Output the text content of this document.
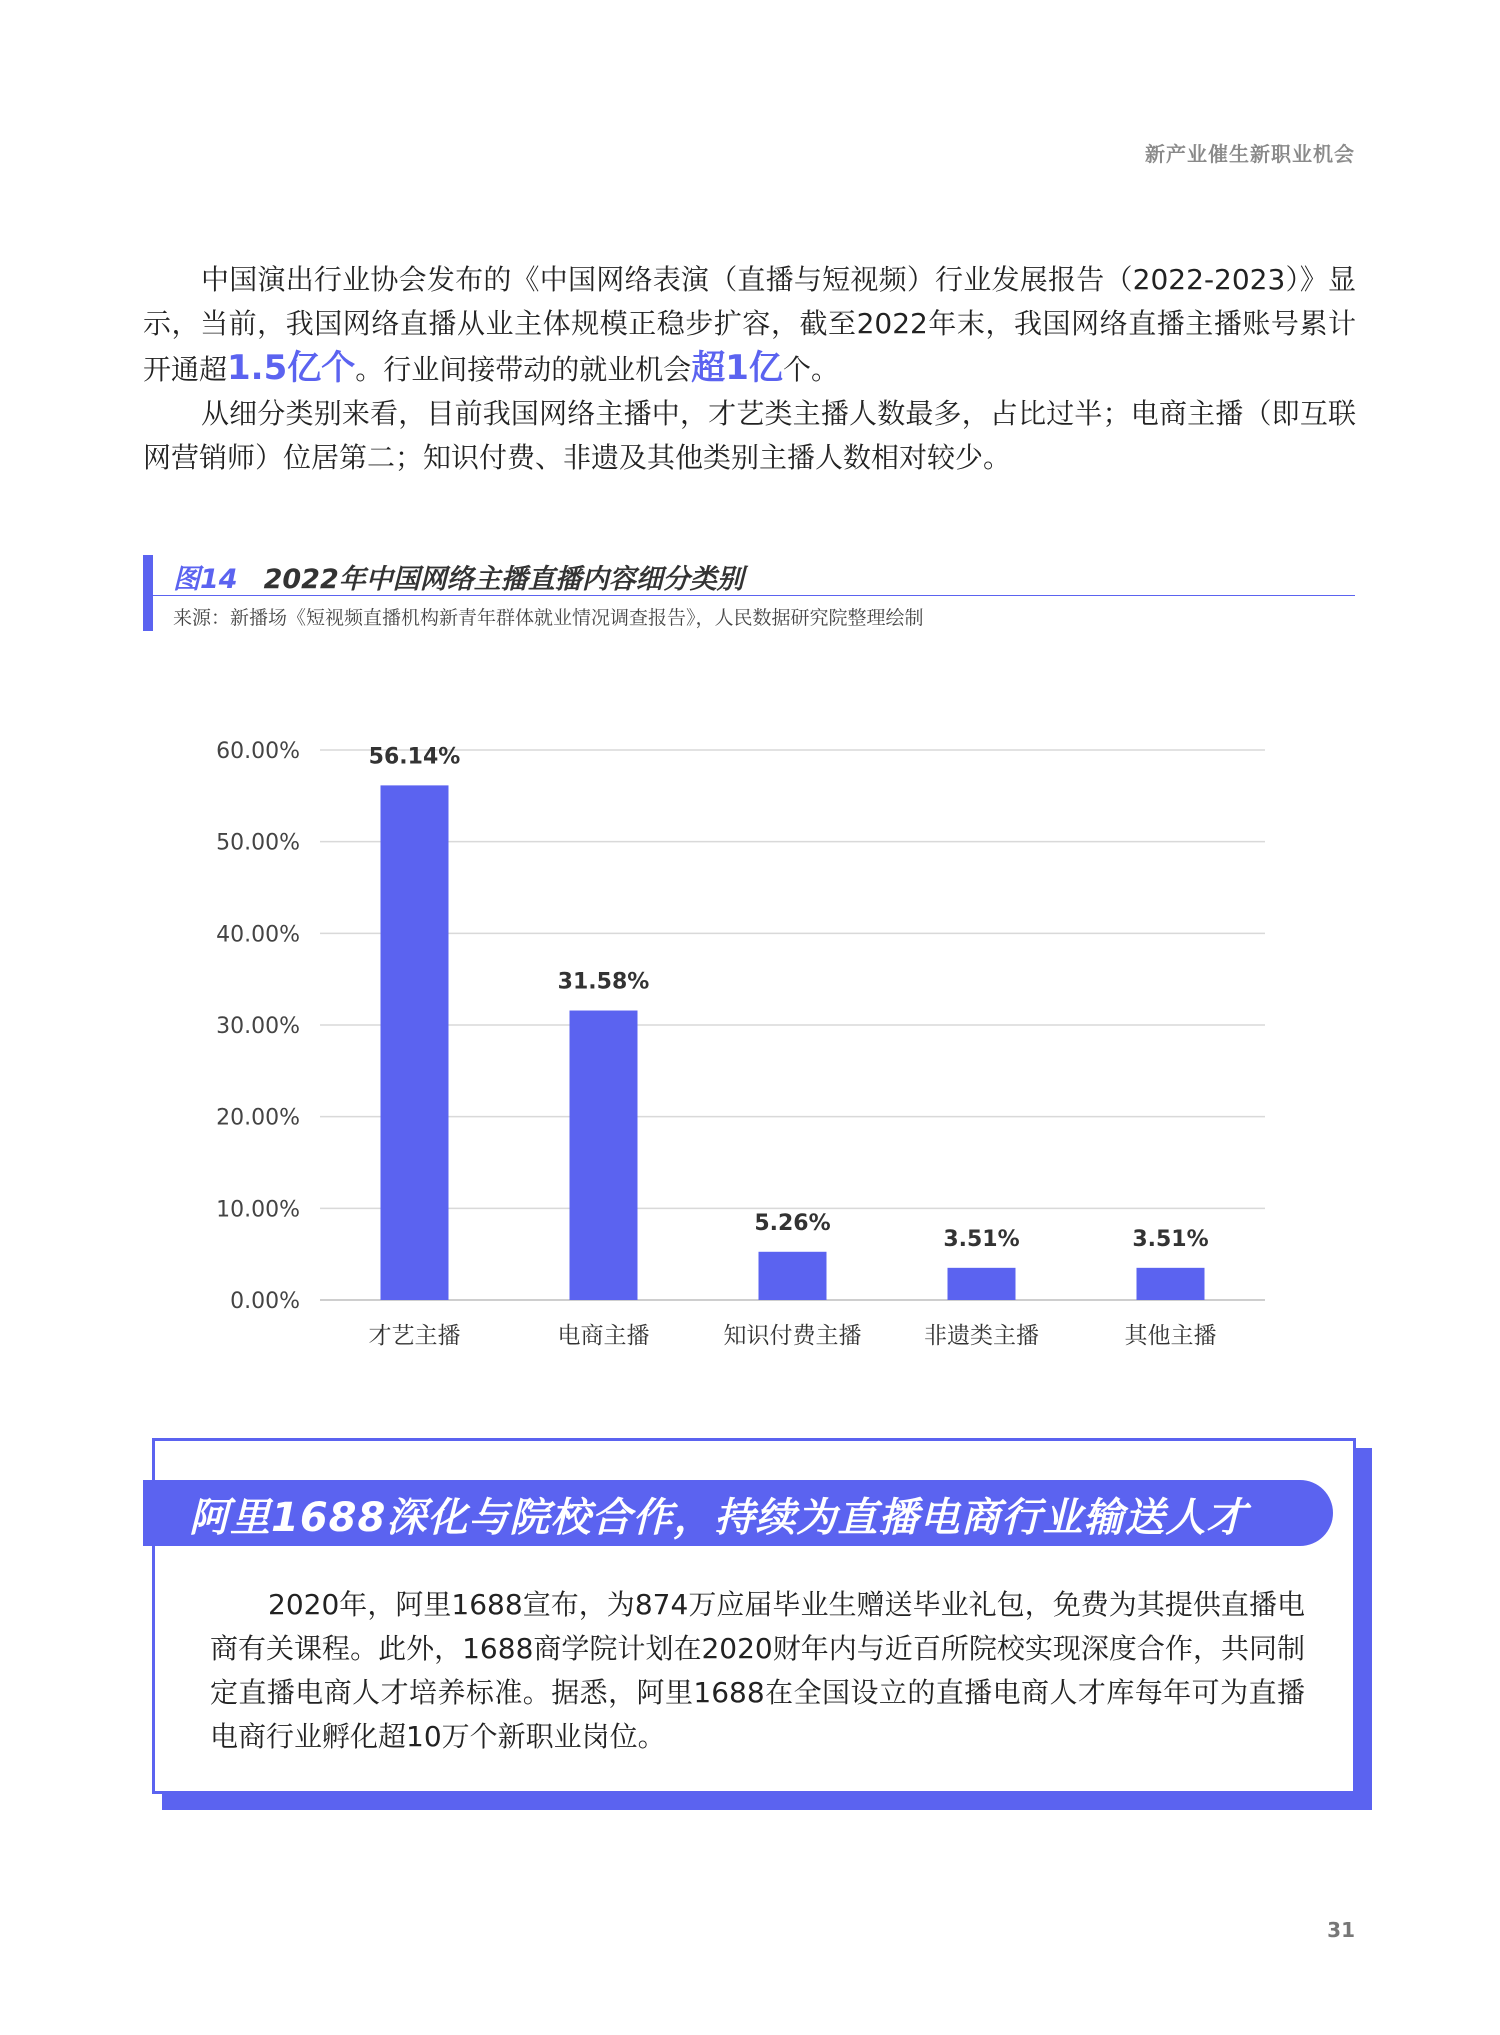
新产业催生新职业机会

中国演出行业协会发布的《中国网络表演（直播与短视频）行业发展报告（2022-2023）》显示，当前，我国网络直播从业主体规模正稳步扩容，截至2022年末，我国网络直播主播账号累计开通超1.5亿个。行业间接带动的就业机会超1亿个。

从细分类别来看，目前我国网络主播中，才艺类主播人数最多，占比过半；电商主播（即互联网营销师）位居第二；知识付费、非遗及其他类别主播人数相对较少。

图14 2022年中国网络主播直播内容细分类别
来源：新播场《短视频直播机构新青年群体就业情况调查报告》，人民数据研究院整理绘制
0.00%
10.00%
20.00%
30.00%
40.00%
50.00%
60.00%	56.14%
才艺主播
31.58%
电商主播
5.26%
知识付费主播
3.51%
非遗类主播
3.51%
其他主播
阿里1688深化与院校合作，持续为直播电商行业输送人才

2020年，阿里1688宣布，为874万应届毕业生赠送毕业礼包，免费为其提供直播电商有关课程。此外，1688商学院计划在2020财年内与近百所院校实现深度合作，共同制定直播电商人才培养标准。据悉，阿里1688在全国设立的直播电商人才库每年可为直播电商行业孵化超10万个新职业岗位。

31
